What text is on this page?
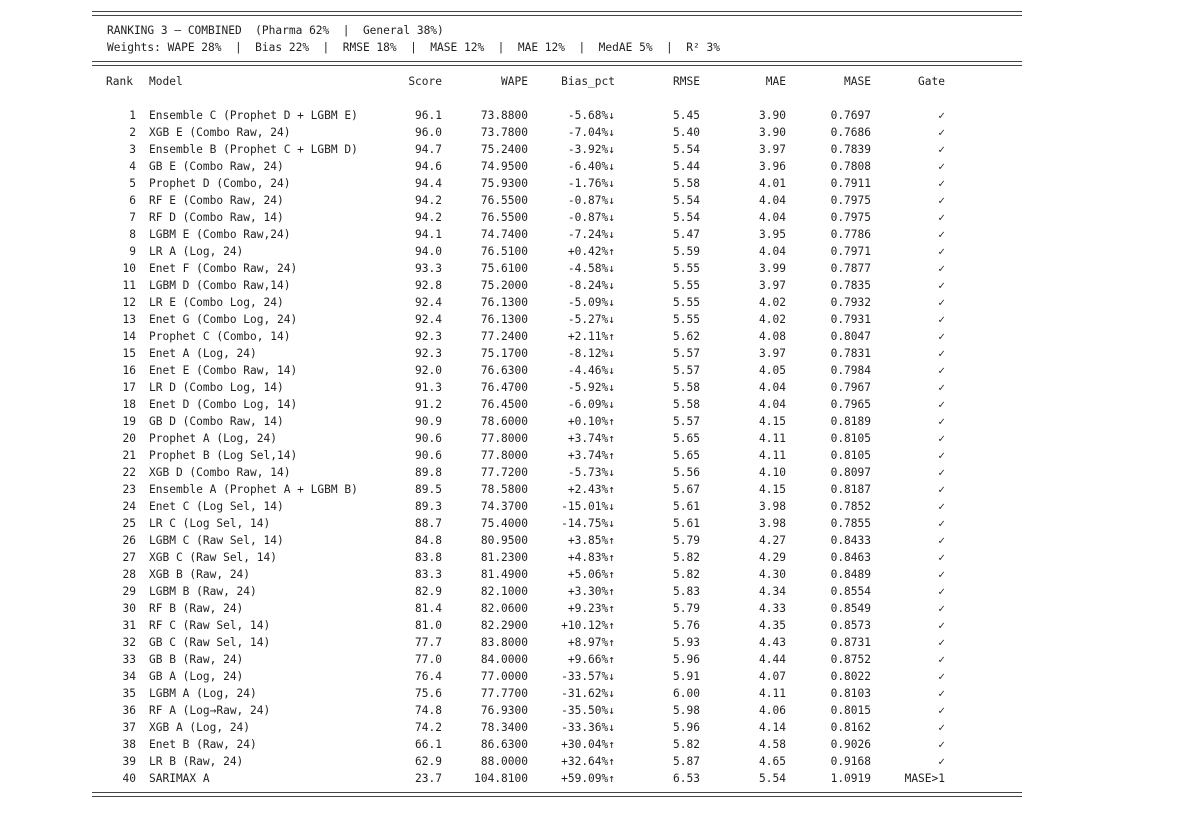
RANKING 3 — COMBINED  (Pharma 62%  |  General 38%)
Weights: WAPE 28%  |  Bias 22%  |  RMSE 18%  |  MASE 12%  |  MAE 12%  |  MedAE 5%  |  R² 3%
Rank Model	Score	WAPE	Bias_pct	RMSE	MAE	MASE	Gate
1 Ensemble C (Prophet D + LGBM E)	96.1	73.8800	-5.68%↓	5.45	3.90	0.7697	✓
2 XGB E (Combo Raw, 24)	96.0	73.7800	-7.04%↓	5.40	3.90	0.7686	✓
3 Ensemble B (Prophet C + LGBM D)	94.7	75.2400	-3.92%↓	5.54	3.97	0.7839	✓
4 GB E (Combo Raw, 24)	94.6	74.9500	-6.40%↓	5.44	3.96	0.7808	✓
5 Prophet D (Combo, 24)	94.4	75.9300	-1.76%↓	5.58	4.01	0.7911	✓
6 RF E (Combo Raw, 24)	94.2	76.5500	-0.87%↓	5.54	4.04	0.7975	✓
7 RF D (Combo Raw, 14)	94.2	76.5500	-0.87%↓	5.54	4.04	0.7975	✓
8 LGBM E (Combo Raw,24)	94.1	74.7400	-7.24%↓	5.47	3.95	0.7786	✓
9 LR A (Log, 24)	94.0	76.5100	+0.42%↑	5.59	4.04	0.7971	✓
10 Enet F (Combo Raw, 24)	93.3	75.6100	-4.58%↓	5.55	3.99	0.7877	✓
11 LGBM D (Combo Raw,14)	92.8	75.2000	-8.24%↓	5.55	3.97	0.7835	✓
12 LR E (Combo Log, 24)	92.4	76.1300	-5.09%↓	5.55	4.02	0.7932	✓
13 Enet G (Combo Log, 24)	92.4	76.1300	-5.27%↓	5.55	4.02	0.7931	✓
14 Prophet C (Combo, 14)	92.3	77.2400	+2.11%↑	5.62	4.08	0.8047	✓
15 Enet A (Log, 24)	92.3	75.1700	-8.12%↓	5.57	3.97	0.7831	✓
16 Enet E (Combo Raw, 14)	92.0	76.6300	-4.46%↓	5.57	4.05	0.7984	✓
17 LR D (Combo Log, 14)	91.3	76.4700	-5.92%↓	5.58	4.04	0.7967	✓
18 Enet D (Combo Log, 14)	91.2	76.4500	-6.09%↓	5.58	4.04	0.7965	✓
19 GB D (Combo Raw, 14)	90.9	78.6000	+0.10%↑	5.57	4.15	0.8189	✓
20 Prophet A (Log, 24)	90.6	77.8000	+3.74%↑	5.65	4.11	0.8105	✓
21 Prophet B (Log Sel,14)	90.6	77.8000	+3.74%↑	5.65	4.11	0.8105	✓
22 XGB D (Combo Raw, 14)	89.8	77.7200	-5.73%↓	5.56	4.10	0.8097	✓
23 Ensemble A (Prophet A + LGBM B)	89.5	78.5800	+2.43%↑	5.67	4.15	0.8187	✓
24 Enet C (Log Sel, 14)	89.3	74.3700	-15.01%↓	5.61	3.98	0.7852	✓
25 LR C (Log Sel, 14)	88.7	75.4000	-14.75%↓	5.61	3.98	0.7855	✓
26 LGBM C (Raw Sel, 14)	84.8	80.9500	+3.85%↑	5.79	4.27	0.8433	✓
27 XGB C (Raw Sel, 14)	83.8	81.2300	+4.83%↑	5.82	4.29	0.8463	✓
28 XGB B (Raw, 24)	83.3	81.4900	+5.06%↑	5.82	4.30	0.8489	✓
29 LGBM B (Raw, 24)	82.9	82.1000	+3.30%↑	5.83	4.34	0.8554	✓
30 RF B (Raw, 24)	81.4	82.0600	+9.23%↑	5.79	4.33	0.8549	✓
31 RF C (Raw Sel, 14)	81.0	82.2900	+10.12%↑	5.76	4.35	0.8573	✓
32 GB C (Raw Sel, 14)	77.7	83.8000	+8.97%↑	5.93	4.43	0.8731	✓
33 GB B (Raw, 24)	77.0	84.0000	+9.66%↑	5.96	4.44	0.8752	✓
34 GB A (Log, 24)	76.4	77.0000	-33.57%↓	5.91	4.07	0.8022	✓
35 LGBM A (Log, 24)	75.6	77.7700	-31.62%↓	6.00	4.11	0.8103	✓
36 RF A (Log→Raw, 24)	74.8	76.9300	-35.50%↓	5.98	4.06	0.8015	✓
37 XGB A (Log, 24)	74.2	78.3400	-33.36%↓	5.96	4.14	0.8162	✓
38 Enet B (Raw, 24)	66.1	86.6300	+30.04%↑	5.82	4.58	0.9026	✓
39 LR B (Raw, 24)	62.9	88.0000	+32.64%↑	5.87	4.65	0.9168	✓
40 SARIMAX A	23.7	104.8100	+59.09%↑	6.53	5.54	1.0919	MASE>1
